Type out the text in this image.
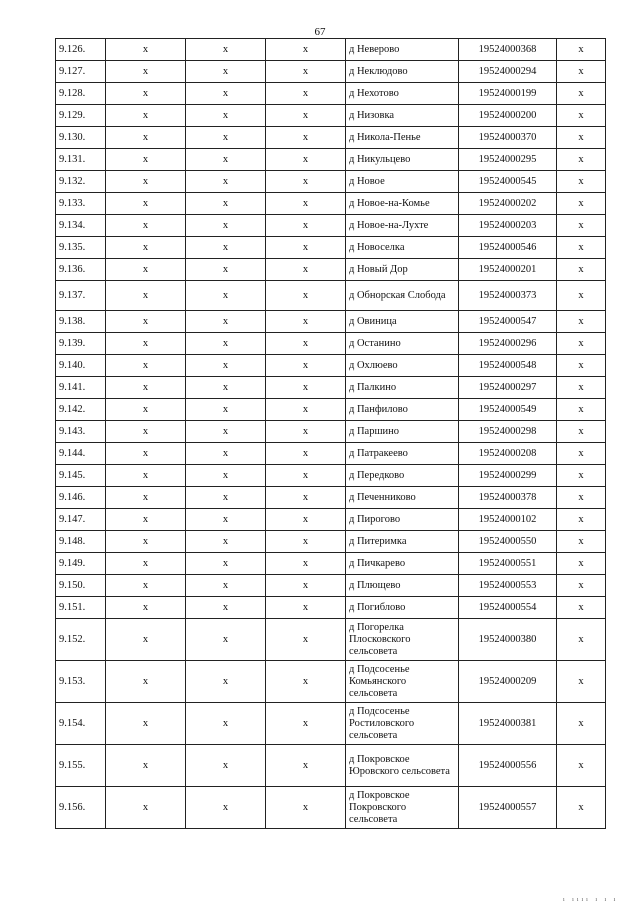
67
9.126.	х	х	х	д Неверово	19524000368	х
9.127.	х	х	х	д Неклюдово	19524000294	х
9.128.	х	х	х	д Нехотово	19524000199	х
9.129.	х	х	х	д Низовка	19524000200	х
9.130.	х	х	х	д Никола-Пенье	19524000370	х
9.131.	х	х	х	д Никульцево	19524000295	х
9.132.	х	х	х	д Новое	19524000545	х
9.133.	х	х	х	д Новое-на-Комье	19524000202	х
9.134.	х	х	х	д Новое-на-Лухте	19524000203	х
9.135.	х	х	х	д Новоселка	19524000546	х
9.136.	х	х	х	д Новый Дор	19524000201	х
9.137.	х	х	х	д Обнорская Слобода	19524000373	х
9.138.	х	х	х	д Овиница	19524000547	х
9.139.	х	х	х	д Останино	19524000296	х
9.140.	х	х	х	д Охлюево	19524000548	х
9.141.	х	х	х	д Палкино	19524000297	х
9.142.	х	х	х	д Панфилово	19524000549	х
9.143.	х	х	х	д Паршино	19524000298	х
9.144.	х	х	х	д Патракеево	19524000208	х
9.145.	х	х	х	д Передково	19524000299	х
9.146.	х	х	х	д Печенниково	19524000378	х
9.147.	х	х	х	д Пирогово	19524000102	х
9.148.	х	х	х	д Питеримка	19524000550	х
9.149.	х	х	х	д Пичкарево	19524000551	х
9.150.	х	х	х	д Плющево	19524000553	х
9.151.	х	х	х	д Погиблово	19524000554	х
9.152.	х	х	х	д Погорелка Плосковского сельсовета	19524000380	х
9.153.	х	х	х	д Подсосенье Комьянского сельсовета	19524000209	х
9.154.	х	х	х	д Подсосенье Ростиловского сельсовета	19524000381	х
9.155.	х	х	х	д Покровское Юровского сельсовета	19524000556	х
9.156.	х	х	х	д Покровское Покровского сельсовета	19524000557	х
ı ıııı ı ı ı
